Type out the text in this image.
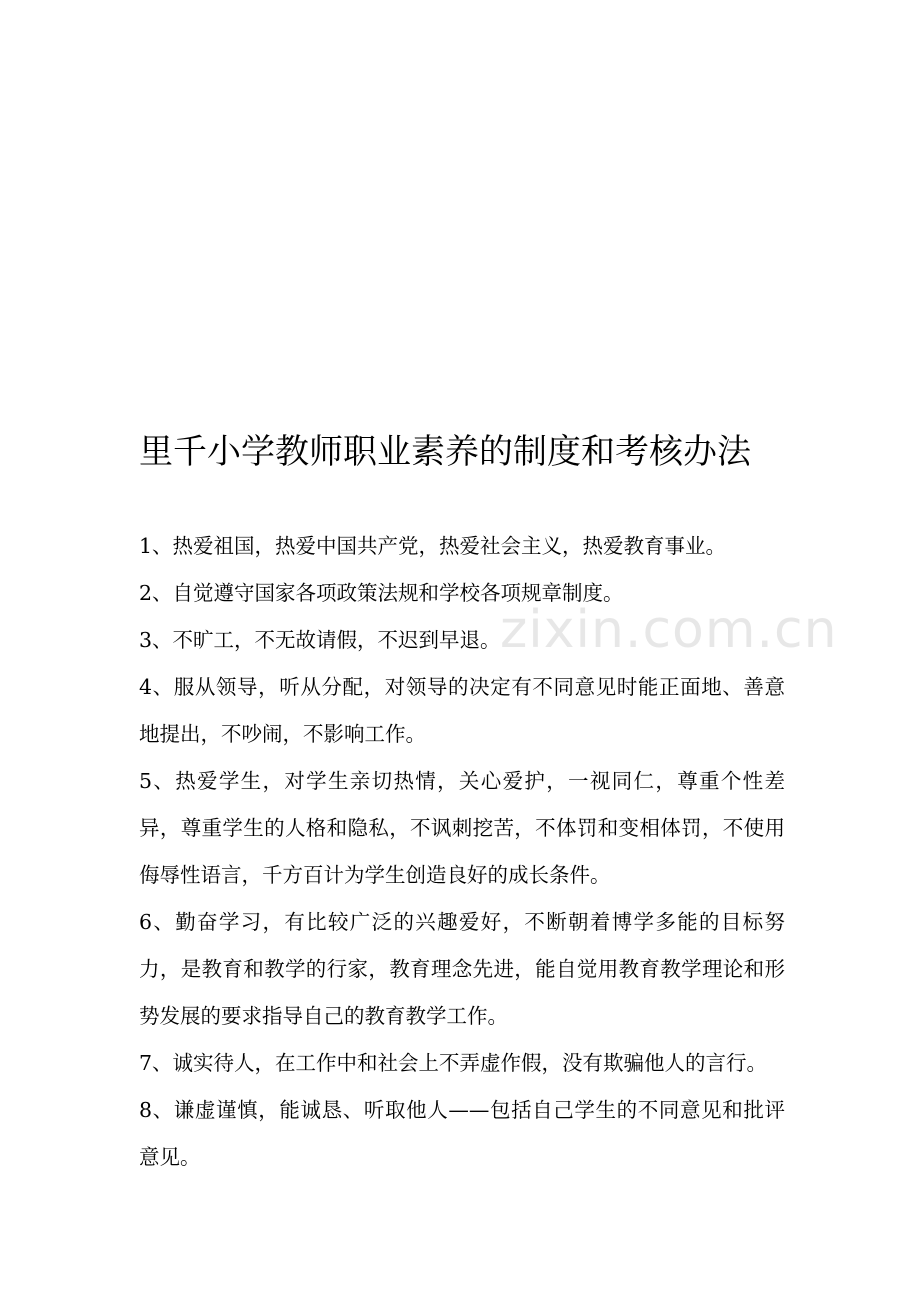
里千小学教师职业素养的制度和考核办法
1、热爱祖国，热爱中国共产党，热爱社会主义，热爱教育事业。
2、自觉遵守国家各项政策法规和学校各项规章制度。
3、不旷工，不无故请假，不迟到早退。
4、服从领导，听从分配，对领导的决定有不同意见时能正面地、善意地提出，不吵闹，不影响工作。
5、热爱学生，对学生亲切热情，关心爱护，一视同仁，尊重个性差异，尊重学生的人格和隐私，不讽刺挖苦，不体罚和变相体罚，不使用侮辱性语言，千方百计为学生创造良好的成长条件。
6、勤奋学习，有比较广泛的兴趣爱好，不断朝着博学多能的目标努力，是教育和教学的行家，教育理念先进，能自觉用教育教学理论和形势发展的要求指导自己的教育教学工作。
7、诚实待人，在工作中和社会上不弄虚作假，没有欺骗他人的言行。
8、谦虚谨慎，能诚恳、听取他人——包括自己学生的不同意见和批评意见。
zixin.com.cn
